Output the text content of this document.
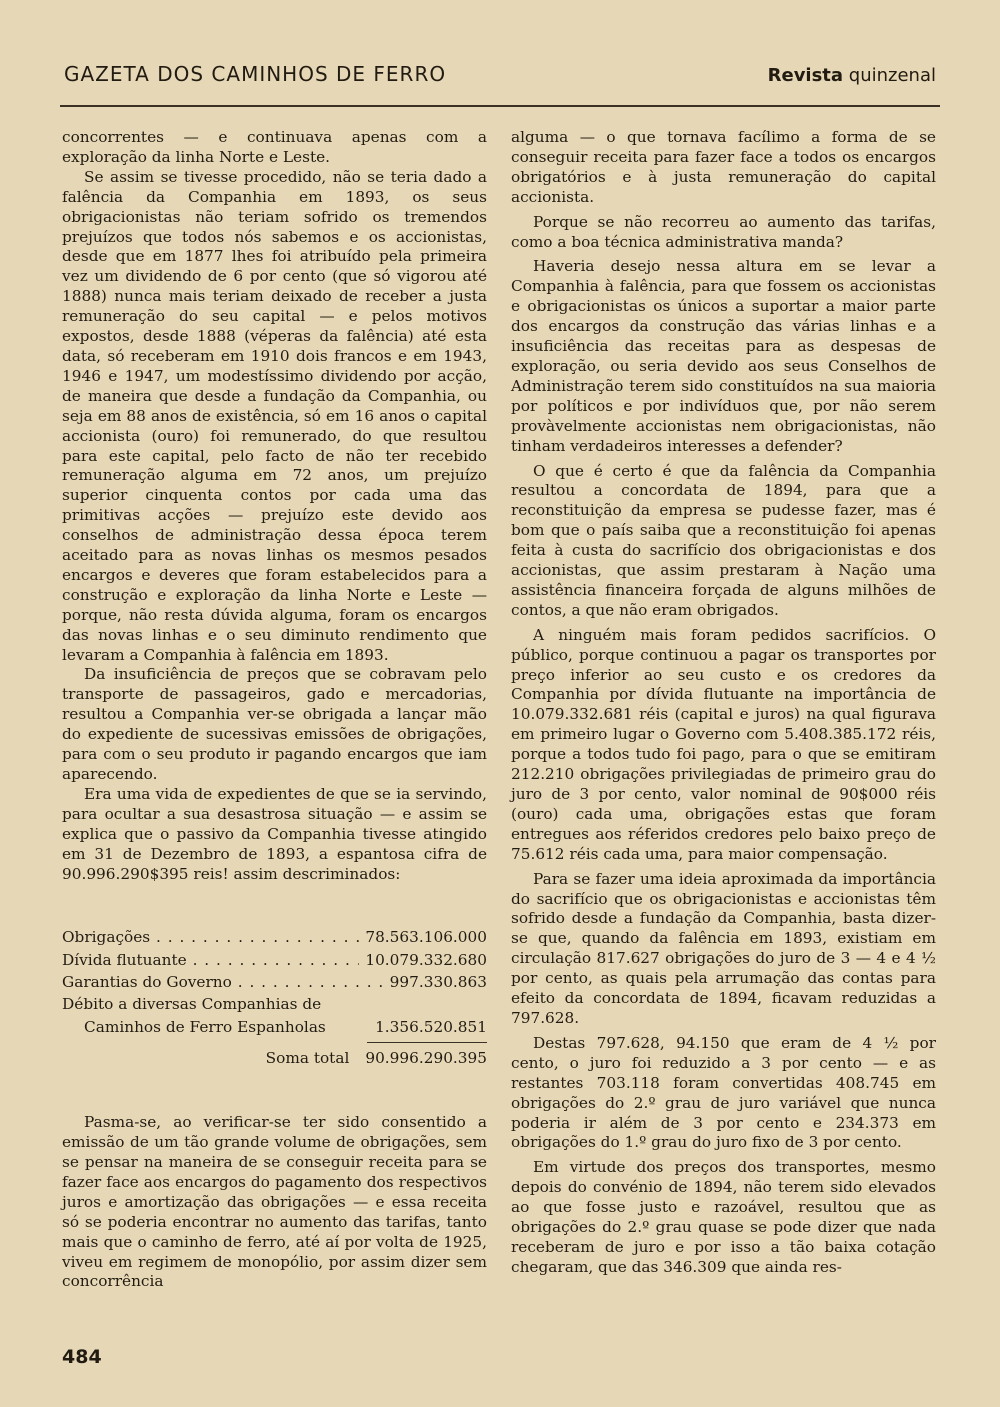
GAZETA DOS CAMINHOS DE FERRO	Revista quinzenal

concorrentes — e continuava apenas com a exploração da linha Norte e Leste.

Se assim se tivesse procedido, não se teria dado a falência da Companhia em 1893, os seus obrigacionistas não teriam sofrido os tremendos prejuízos que todos nós sabemos e os accionistas, desde que em 1877 lhes foi atribuído pela primeira vez um dividendo de 6 por cento (que só vigorou até 1888) nunca mais teriam deixado de receber a justa remuneração do seu capital — e pelos motivos expostos, desde 1888 (véperas da falência) até esta data, só receberam em 1910 dois francos e em 1943, 1946 e 1947, um modestíssimo dividendo por acção, de maneira que desde a fundação da Companhia, ou seja em 88 anos de existência, só em 16 anos o capital accionista (ouro) foi remunerado, do que resultou para este capital, pelo facto de não ter recebido remuneração alguma em 72 anos, um prejuízo superior cinquenta contos por cada uma das primitivas acções — prejuízo este devido aos conselhos de administração dessa época terem aceitado para as novas linhas os mesmos pesados encargos e deveres que foram estabelecidos para a construção e exploração da linha Norte e Leste — porque, não resta dúvida alguma, foram os encargos das novas linhas e o seu diminuto rendimento que levaram a Companhia à falência em 1893.

Da insuficiência de preços que se cobravam pelo transporte de passageiros, gado e mercadorias, resultou a Companhia ver-se obrigada a lançar mão do expediente de sucessivas emissões de obrigações, para com o seu produto ir pagando encargos que iam aparecendo.

Era uma vida de expedientes de que se ia servindo, para ocultar a sua desastrosa situação — e assim se explica que o passivo da Companhia tivesse atingido em 31 de Dezembro de 1893, a espantosa cifra de 90.996.290$395 reis! assim descriminados:

Obrigações . . .	78.563.106.000
Dívida flutuante . . .	10.079.332.680
Garantias do Governo . . .	997.330.863
Débito a diversas Companhias de
Caminhos de Ferro Espanholas	1.356.520.851
Soma total 90.996.290.395

Pasma-se, ao verificar-se ter sido consentido a emissão de um tão grande volume de obrigações, sem se pensar na maneira de se conseguir receita para se fazer face aos encargos do pagamento dos respectivos juros e amortização das obrigações — e essa receita só se poderia encontrar no aumento das tarifas, tanto mais que o caminho de ferro, até aí por volta de 1925, viveu em regimem de monopólio, por assim dizer sem concorrência

alguma — o que tornava facílimo a forma de se conseguir receita para fazer face a todos os encargos obrigatórios e à justa remuneração do capital accionista.

Porque se não recorreu ao aumento das tarifas, como a boa técnica administrativa manda?

Haveria desejo nessa altura em se levar a Companhia à falência, para que fossem os accionistas e obrigacionistas os únicos a suportar a maior parte dos encargos da construção das várias linhas e a insuficiência das receitas para as despesas de exploração, ou seria devido aos seus Conselhos de Administração terem sido constituídos na sua maioria por políticos e por indivíduos que, por não serem provàvelmente accionistas nem obrigacionistas, não tinham verdadeiros interesses a defender?

O que é certo é que da falência da Companhia resultou a concordata de 1894, para que a reconstituição da empresa se pudesse fazer, mas é bom que o país saiba que a reconstituição foi apenas feita à custa do sacrifício dos obrigacionistas e dos accionistas, que assim prestaram à Nação uma assistência financeira forçada de alguns milhões de contos, a que não eram obrigados.

A ninguém mais foram pedidos sacrifícios. O público, porque continuou a pagar os transportes por preço inferior ao seu custo e os credores da Companhia por dívida flutuante na importância de 10.079.332.681 réis (capital e juros) na qual figurava em primeiro lugar o Governo com 5.408.385.172 réis, porque a todos tudo foi pago, para o que se emitiram 212.210 obrigações privilegiadas de primeiro grau do juro de 3 por cento, valor nominal de 90$000 réis (ouro) cada uma, obrigações estas que foram entregues aos réferidos credores pelo baixo preço de 75.612 réis cada uma, para maior compensação.

Para se fazer uma ideia aproximada da importância do sacrifício que os obrigacionistas e accionistas têm sofrido desde a fundação da Companhia, basta dizer-se que, quando da falência em 1893, existiam em circulação 817.627 obrigações do juro de 3 — 4 e 4 ½ por cento, as quais pela arrumação das contas para efeito da concordata de 1894, ficavam reduzidas a 797.628.

Destas 797.628, 94.150 que eram de 4 ½ por cento, o juro foi reduzido a 3 por cento — e as restantes 703.118 foram convertidas 408.745 em obrigações do 2.º grau de juro variável que nunca poderia ir além de 3 por cento e 234.373 em obrigações do 1.º grau do juro fixo de 3 por cento.

Em virtude dos preços dos transportes, mesmo depois do convénio de 1894, não terem sido elevados ao que fosse justo e razoável, resultou que as obrigações do 2.º grau quase se pode dizer que nada receberam de juro e por isso a tão baixa cotação chegaram, que das 346.309 que ainda res-

484
